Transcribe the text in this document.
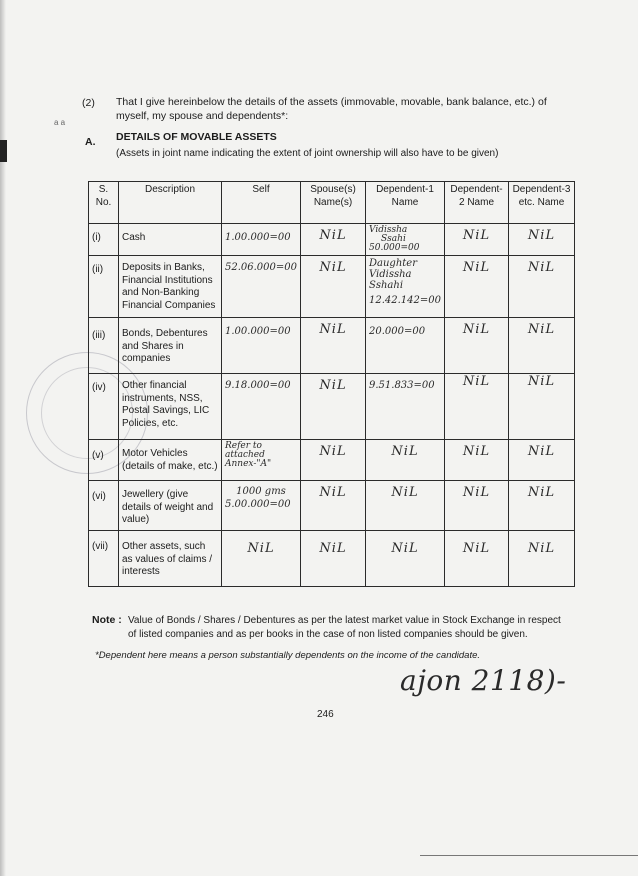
(2) That I give hereinbelow the details of the assets (immovable, movable, bank balance, etc.) of
myself, my spouse and dependents*:
a a
A. DETAILS OF MOVABLE ASSETS
(Assets in joint name indicating the extent of joint ownership will also have to be given)
S. No.	Description	Self	Spouse(s) Name(s)	Dependent-1 Name	Dependent-2 Name	Dependent-3 etc. Name
(i)	Cash	1.00.000=00	NiL	Vidissha
Ssahi
50.000=00	NiL	NiL

(ii)	Deposits in Banks, Financial Institutions and Non-Banking Financial Companies	52.06.000=00	NiL	Daughter
Vidissha
Sshahi
12.42.142=00	NiL	NiL

(iii)	Bonds, Debentures and Shares in companies	1.00.000=00	NiL	20.000=00	NiL	NiL

(iv)	Other financial instruments, NSS, Postal Savings, LIC Policies, etc.	9.18.000=00	NiL	9.51.833=00	NiL	NiL

(v)	Motor Vehicles (details of make, etc.)	Refer to
attached
Annex-"A"	NiL	NiL	NiL	NiL

(vi)	Jewellery (give details of weight and value)	1000 gms
5.00.000=00	NiL	NiL	NiL	NiL

(vii)	Other assets, such as values of claims / interests	NiL	NiL	NiL	NiL	NiL
Note : Value of Bonds / Shares / Debentures as per the latest market value in Stock Exchange in respect
of listed companies and as per books in the case of non listed companies should be given.
*Dependent here means a person substantially dependents on the income of the candidate.
ajon 2118)-
246
